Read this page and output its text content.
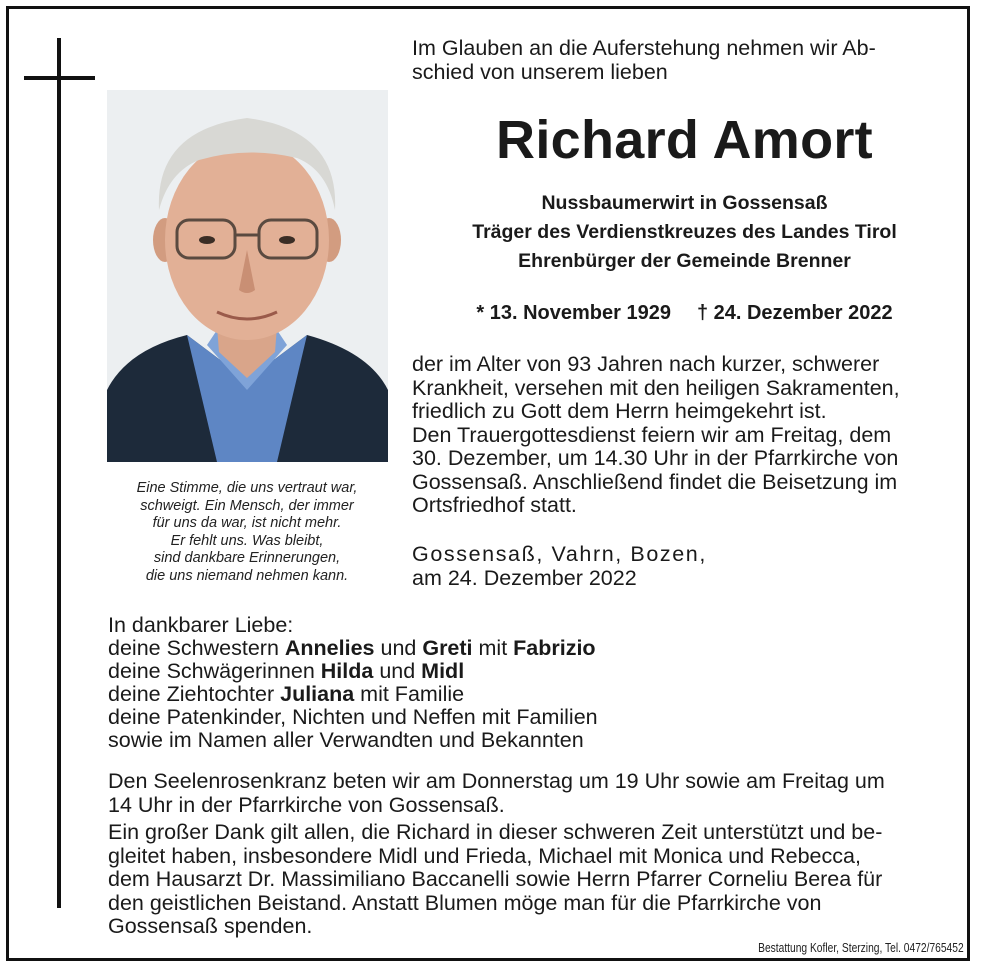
Eine Stimme, die uns vertraut war,
schweigt. Ein Mensch, der immer
für uns da war, ist nicht mehr.
Er fehlt uns. Was bleibt,
sind dankbare Erinnerungen,
die uns niemand nehmen kann.
Im Glauben an die Auferstehung nehmen wir Ab-
schied von unserem lieben
Richard Amort
Nussbaumerwirt in Gossensaß
Träger des Verdienstkreuzes des Landes Tirol
Ehrenbürger der Gemeinde Brenner
* 13. November 1929 † 24. Dezember 2022
der im Alter von 93 Jahren nach kurzer, schwerer
Krankheit, versehen mit den heiligen Sakramenten,
friedlich zu Gott dem Herrn heimgekehrt ist.
Den Trauergottesdienst feiern wir am Freitag, dem
30. Dezember, um 14.30 Uhr in der Pfarrkirche von
Gossensaß. Anschließend findet die Beisetzung im
Ortsfriedhof statt.
Gossensaß, Vahrn, Bozen,
am 24. Dezember 2022
In dankbarer Liebe:
deine Schwestern Annelies und Greti mit Fabrizio
deine Schwägerinnen Hilda und Midl
deine Ziehtochter Juliana mit Familie
deine Patenkinder, Nichten und Neffen mit Familien
sowie im Namen aller Verwandten und Bekannten
Den Seelenrosenkranz beten wir am Donnerstag um 19 Uhr sowie am Freitag um
14 Uhr in der Pfarrkirche von Gossensaß.
Ein großer Dank gilt allen, die Richard in dieser schweren Zeit unterstützt und be-
gleitet haben, insbesondere Midl und Frieda, Michael mit Monica und Rebecca,
dem Hausarzt Dr. Massimiliano Baccanelli sowie Herrn Pfarrer Corneliu Berea für
den geistlichen Beistand. Anstatt Blumen möge man für die Pfarrkirche von
Gossensaß spenden.
Bestattung Kofler, Sterzing, Tel. 0472/765452
